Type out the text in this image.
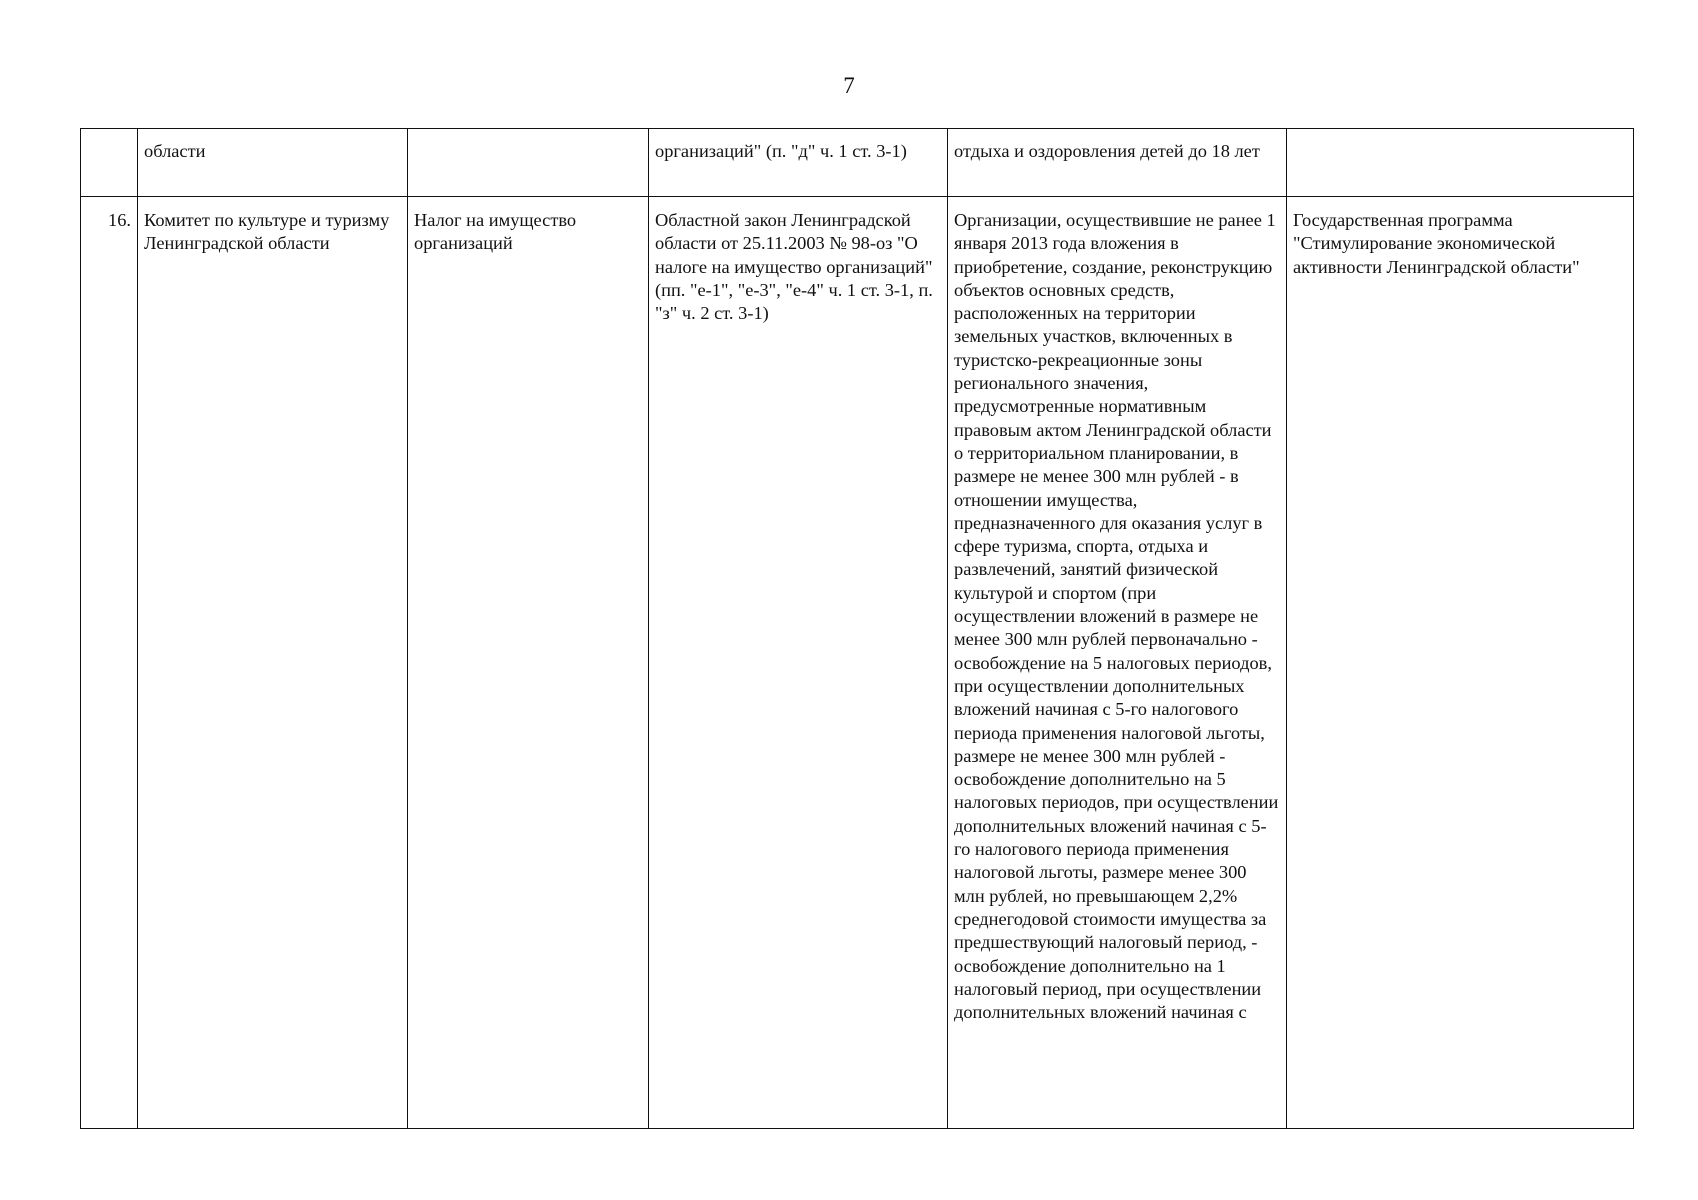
7
	области		организаций" (п. "д" ч. 1 ст. 3-1)	отдыха и оздоровления детей до 18 лет	
16.	Комитет по культуре и туризму Ленинградской области	Налог на имущество организаций	Областной закон Ленинградской области от 25.11.2003 № 98-оз "О налоге на имущество организаций" (пп. "е-1", "е-3", "е-4" ч. 1 ст. 3-1, п. "з" ч. 2 ст. 3-1)	Организации, осуществившие не ранее 1 января 2013 года вложения в приобретение, создание, реконструкцию объектов основных средств, расположенных на территории земельных участков, включенных в туристско-рекреационные зоны регионального значения, предусмотренные нормативным правовым актом Ленинградской области о территориальном планировании, в размере не менее 300 млн рублей - в отношении имущества, предназначенного для оказания услуг в сфере туризма, спорта, отдыха и развлечений, занятий физической культурой и спортом (при осуществлении вложений в размере не менее 300 млн рублей первоначально - освобождение на 5 налоговых периодов, при осуществлении дополнительных вложений начиная с 5-го налогового периода применения налоговой льготы, размере не менее 300 млн рублей - освобождение дополнительно на 5 налоговых периодов, при осуществлении дополнительных вложений начиная с 5-го налогового периода применения налоговой льготы, размере менее 300 млн рублей, но превышающем 2,2% среднегодовой стоимости имущества за предшествующий налоговый период, - освобождение дополнительно на 1 налоговый период, при осуществлении дополнительных вложений начиная с	Государственная программа "Стимулирование экономической активности Ленинградской области"
